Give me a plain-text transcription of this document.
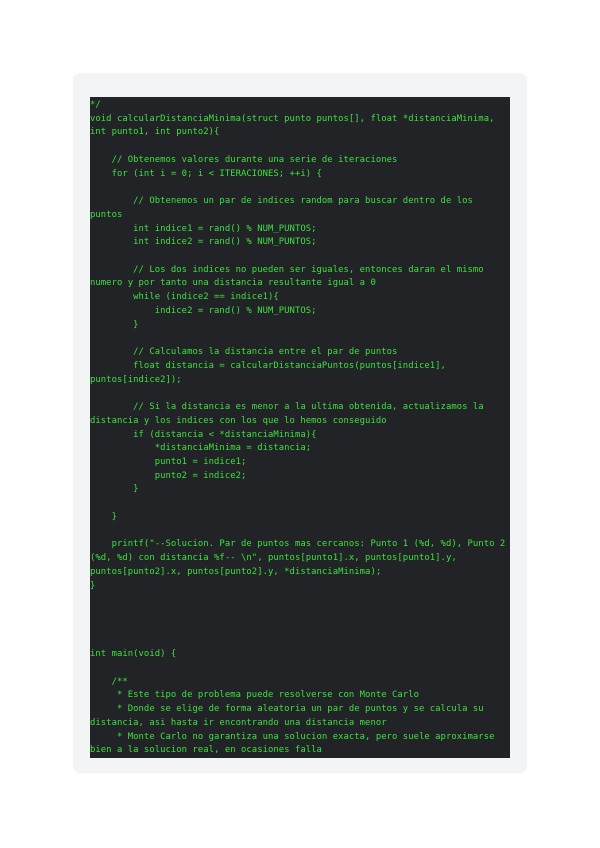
*/
void calcularDistanciaMinima(struct punto puntos[], float *distanciaMinima,
int punto1, int punto2){
// Obtenemos valores durante una serie de iteraciones
for (int i = 0; i < ITERACIONES; ++i) {
// Obtenemos un par de indices random para buscar dentro de los
puntos
int indice1 = rand() % NUM_PUNTOS;
int indice2 = rand() % NUM_PUNTOS;
// Los dos indices no pueden ser iguales, entonces daran el mismo
numero y por tanto una distancia resultante igual a 0
while (indice2 == indice1){
indice2 = rand() % NUM_PUNTOS;
}
// Calculamos la distancia entre el par de puntos
float distancia = calcularDistanciaPuntos(puntos[indice1],
puntos[indice2]);
// Si la distancia es menor a la ultima obtenida, actualizamos la
distancia y los indices con los que lo hemos conseguido
if (distancia < *distanciaMinima){
*distanciaMinima = distancia;
punto1 = indice1;
punto2 = indice2;
}
}
printf("--Solucion. Par de puntos mas cercanos: Punto 1 (%d, %d), Punto 2
(%d, %d) con distancia %f-- \n", puntos[punto1].x, puntos[punto1].y,
puntos[punto2].x, puntos[punto2].y, *distanciaMinima);
}
int main(void) {
/**
* Este tipo de problema puede resolverse con Monte Carlo
* Donde se elige de forma aleatoria un par de puntos y se calcula su
distancia, asi hasta ir encontrando una distancia menor
* Monte Carlo no garantiza una solucion exacta, pero suele aproximarse
bien a la solucion real, en ocasiones falla
